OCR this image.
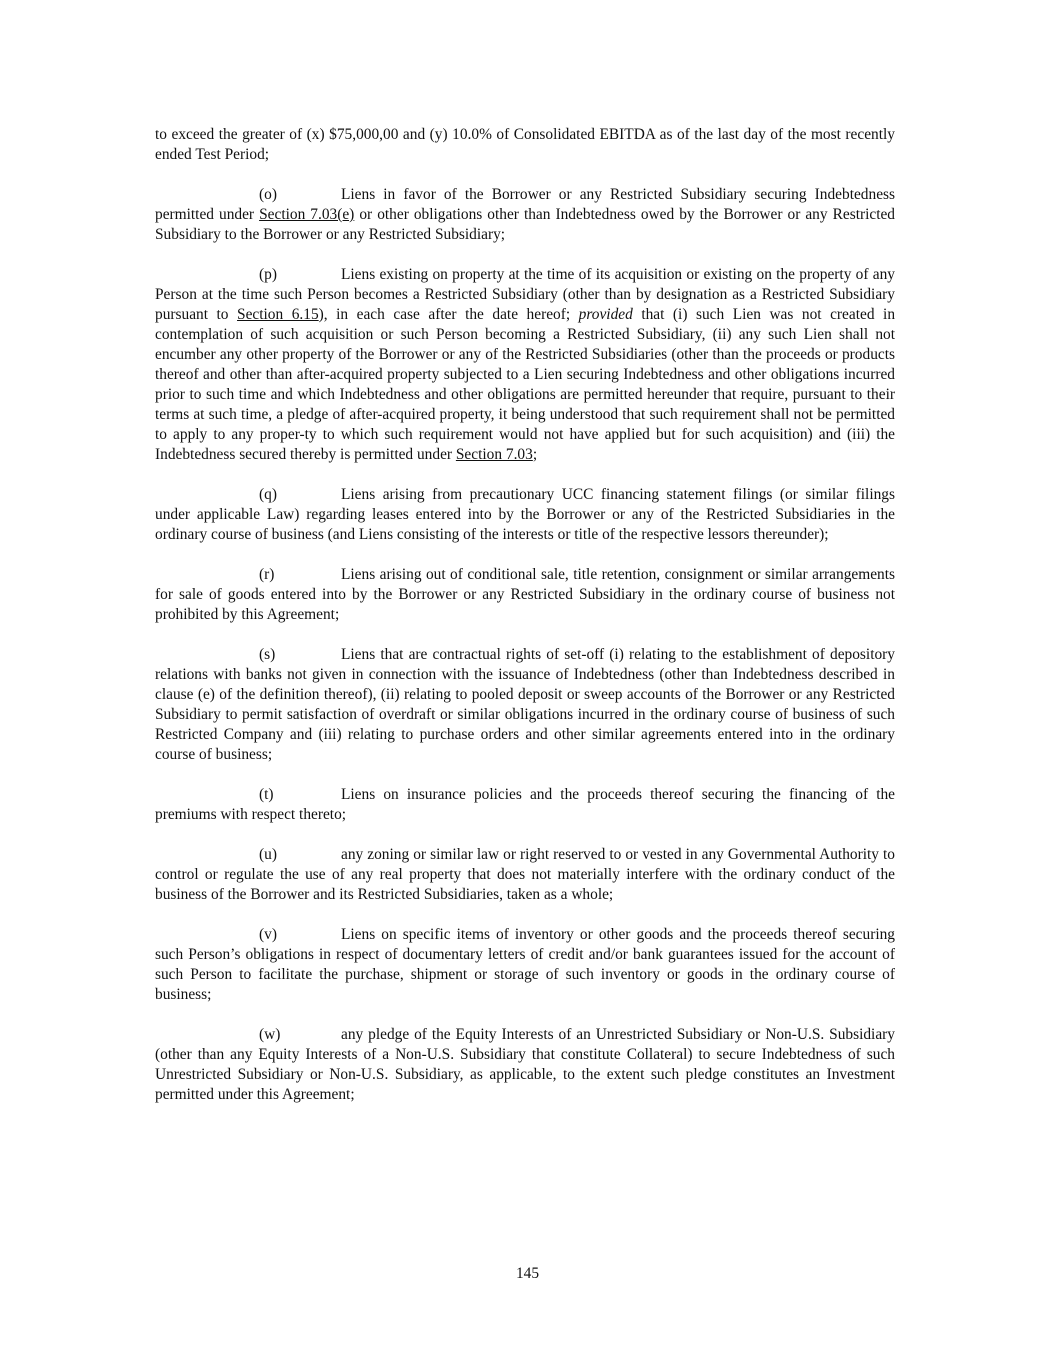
to exceed the greater of (x) $75,000,00 and (y) 10.0% of Consolidated EBITDA as of the last day of the most recently ended Test Period;

(o)	Liens in favor of the Borrower or any Restricted Subsidiary securing Indebtedness permitted under Section 7.03(e) or other obligations other than Indebtedness owed by the Borrower or any Restricted Subsidiary to the Borrower or any Restricted Subsidiary;

(p)	Liens existing on property at the time of its acquisition or existing on the property of any Person at the time such Person becomes a Restricted Subsidiary (other than by designation as a Restricted Subsidiary pursuant to Section 6.15), in each case after the date hereof; provided that (i) such Lien was not created in contemplation of such acquisition or such Person becoming a Restricted Subsidiary, (ii) any such Lien shall not encumber any other property of the Borrower or any of the Restricted Subsidiaries (other than the proceeds or products thereof and other than after-acquired property subjected to a Lien securing Indebtedness and other obligations incurred prior to such time and which Indebtedness and other obligations are permitted hereunder that require, pursuant to their terms at such time, a pledge of after-acquired property, it being understood that such requirement shall not be permitted to apply to any proper-ty to which such requirement would not have applied but for such acquisition) and (iii) the Indebtedness secured thereby is permitted under Section 7.03;

(q)	Liens arising from precautionary UCC financing statement filings (or similar filings under applicable Law) regarding leases entered into by the Borrower or any of the Restricted Subsidiaries in the ordinary course of business (and Liens consisting of the interests or title of the respective lessors thereunder);

(r)	Liens arising out of conditional sale, title retention, consignment or similar arrangements for sale of goods entered into by the Borrower or any Restricted Subsidiary in the ordinary course of business not prohibited by this Agreement;

(s)	Liens that are contractual rights of set-off (i) relating to the establishment of depository relations with banks not given in connection with the issuance of Indebtedness (other than Indebtedness described in clause (e) of the definition thereof), (ii) relating to pooled deposit or sweep accounts of the Borrower or any Restricted Subsidiary to permit satisfaction of overdraft or similar obligations incurred in the ordinary course of business of such Restricted Company and (iii) relating to purchase orders and other similar agreements entered into in the ordinary course of business;

(t)	Liens on insurance policies and the proceeds thereof securing the financing of the premiums with respect thereto;

(u)	any zoning or similar law or right reserved to or vested in any Governmental Authority to control or regulate the use of any real property that does not materially interfere with the ordinary conduct of the business of the Borrower and its Restricted Subsidiaries, taken as a whole;

(v)	Liens on specific items of inventory or other goods and the proceeds thereof securing such Person’s obligations in respect of documentary letters of credit and/or bank guarantees issued for the account of such Person to facilitate the purchase, shipment or storage of such inventory or goods in the ordinary course of business;

(w)	any pledge of the Equity Interests of an Unrestricted Subsidiary or Non-U.S. Subsidiary (other than any Equity Interests of a Non-U.S. Subsidiary that constitute Collateral) to secure Indebtedness of such Unrestricted Subsidiary or Non-U.S. Subsidiary, as applicable, to the extent such pledge constitutes an Investment permitted under this Agreement;

145
